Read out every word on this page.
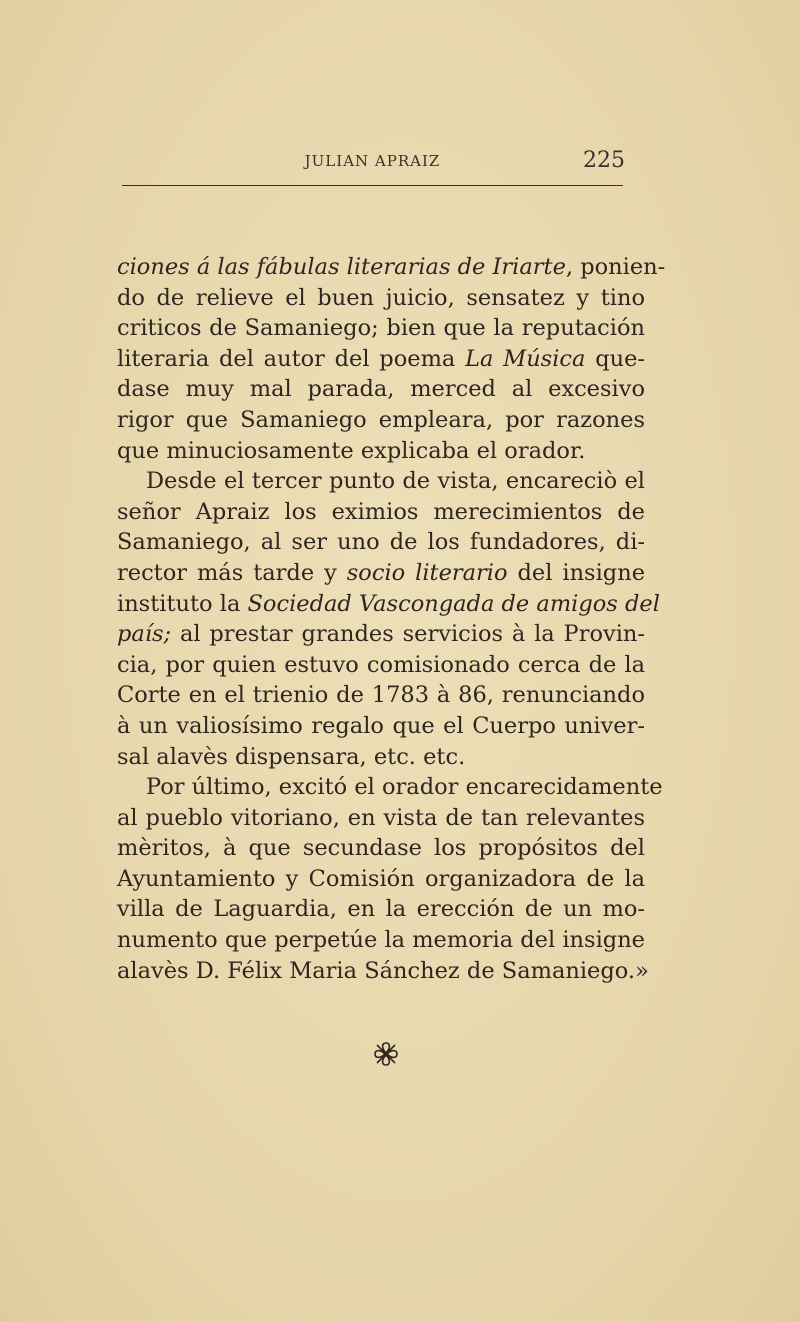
JULIAN APRAIZ	225
ciones á las fábulas literarias de Iriarte, ponien-
do de relieve el buen juicio, sensatez y tino
criticos de Samaniego; bien que la reputación
literaria del autor del poema La Música que-
dase muy mal parada, merced al excesivo
rigor que Samaniego empleara, por razones
que minuciosamente explicaba el orador.
Desde el tercer punto de vista, encareciò el
señor Apraiz los eximios merecimientos de
Samaniego, al ser uno de los fundadores, di-
rector más tarde y socio literario del insigne
instituto la Sociedad Vascongada de amigos del
país; al prestar grandes servicios à la Provin-
cia, por quien estuvo comisionado cerca de la
Corte en el trienio de 1783 à 86, renunciando
à un valiosísimo regalo que el Cuerpo univer-
sal alavès dispensara, etc. etc.
Por último, excitó el orador encarecidamente
al pueblo vitoriano, en vista de tan relevantes
mèritos, à que secundase los propósitos del
Ayuntamiento y Comisión organizadora de la
villa de Laguardia, en la erección de un mo-
numento que perpetúe la memoria del insigne
alavès D. Félix Maria Sánchez de Samaniego.»
